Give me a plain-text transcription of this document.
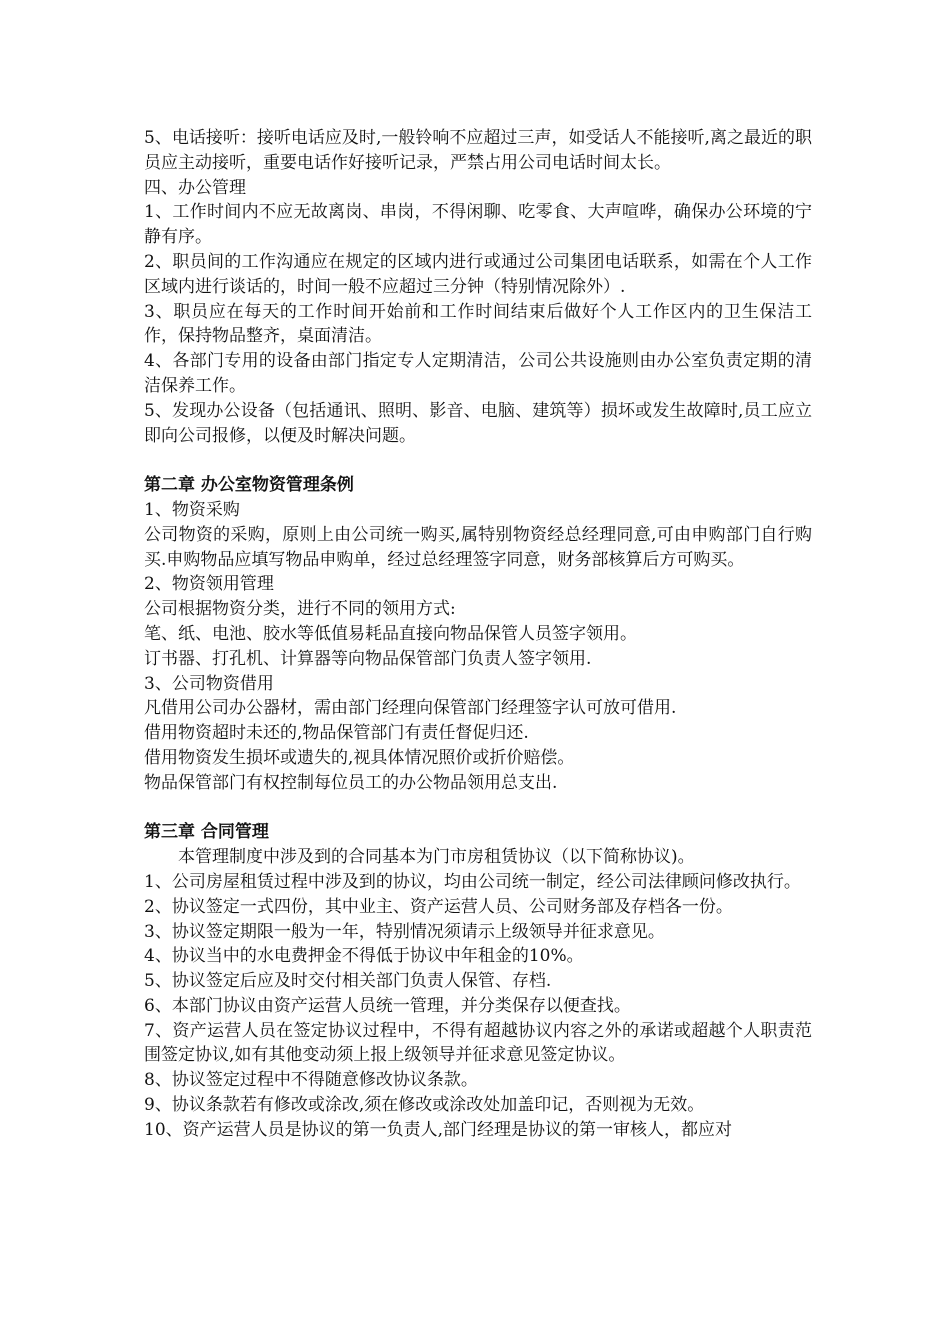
5、电话接听：接听电话应及时,一般铃响不应超过三声，如受话人不能接听,离之最近的职员应主动接听，重要电话作好接听记录，严禁占用公司电话时间太长。

四、办公管理

1、工作时间内不应无故离岗、串岗，不得闲聊、吃零食、大声喧哗，确保办公环境的宁静有序。

2、职员间的工作沟通应在规定的区域内进行或通过公司集团电话联系，如需在个人工作区域内进行谈话的，时间一般不应超过三分钟（特别情况除外）.

3、职员应在每天的工作时间开始前和工作时间结束后做好个人工作区内的卫生保洁工作，保持物品整齐，桌面清洁。

4、各部门专用的设备由部门指定专人定期清洁，公司公共设施则由办公室负责定期的清洁保养工作。

5、发现办公设备（包括通讯、照明、影音、电脑、建筑等）损坏或发生故障时,员工应立即向公司报修，以便及时解决问题。

第二章 办公室物资管理条例

1、物资采购

公司物资的采购，原则上由公司统一购买,属特别物资经总经理同意,可由申购部门自行购买.申购物品应填写物品申购单，经过总经理签字同意，财务部核算后方可购买。

2、物资领用管理

公司根据物资分类，进行不同的领用方式:

笔、纸、电池、胶水等低值易耗品直接向物品保管人员签字领用。

订书器、打孔机、计算器等向物品保管部门负责人签字领用.

3、公司物资借用

凡借用公司办公器材，需由部门经理向保管部门经理签字认可放可借用.

借用物资超时未还的,物品保管部门有责任督促归还.

借用物资发生损坏或遗失的,视具体情况照价或折价赔偿。

物品保管部门有权控制每位员工的办公物品领用总支出.

第三章 合同管理

本管理制度中涉及到的合同基本为门市房租赁协议（以下简称协议)。

1、公司房屋租赁过程中涉及到的协议，均由公司统一制定，经公司法律顾问修改执行。

2、协议签定一式四份，其中业主、资产运营人员、公司财务部及存档各一份。

3、协议签定期限一般为一年，特别情况须请示上级领导并征求意见。

4、协议当中的水电费押金不得低于协议中年租金的10%。

5、协议签定后应及时交付相关部门负责人保管、存档.

6、本部门协议由资产运营人员统一管理，并分类保存以便查找。

7、资产运营人员在签定协议过程中，不得有超越协议内容之外的承诺或超越个人职责范围签定协议,如有其他变动须上报上级领导并征求意见签定协议。

8、协议签定过程中不得随意修改协议条款。

9、协议条款若有修改或涂改,须在修改或涂改处加盖印记，否则视为无效。

10、资产运营人员是协议的第一负责人,部门经理是协议的第一审核人，都应对
